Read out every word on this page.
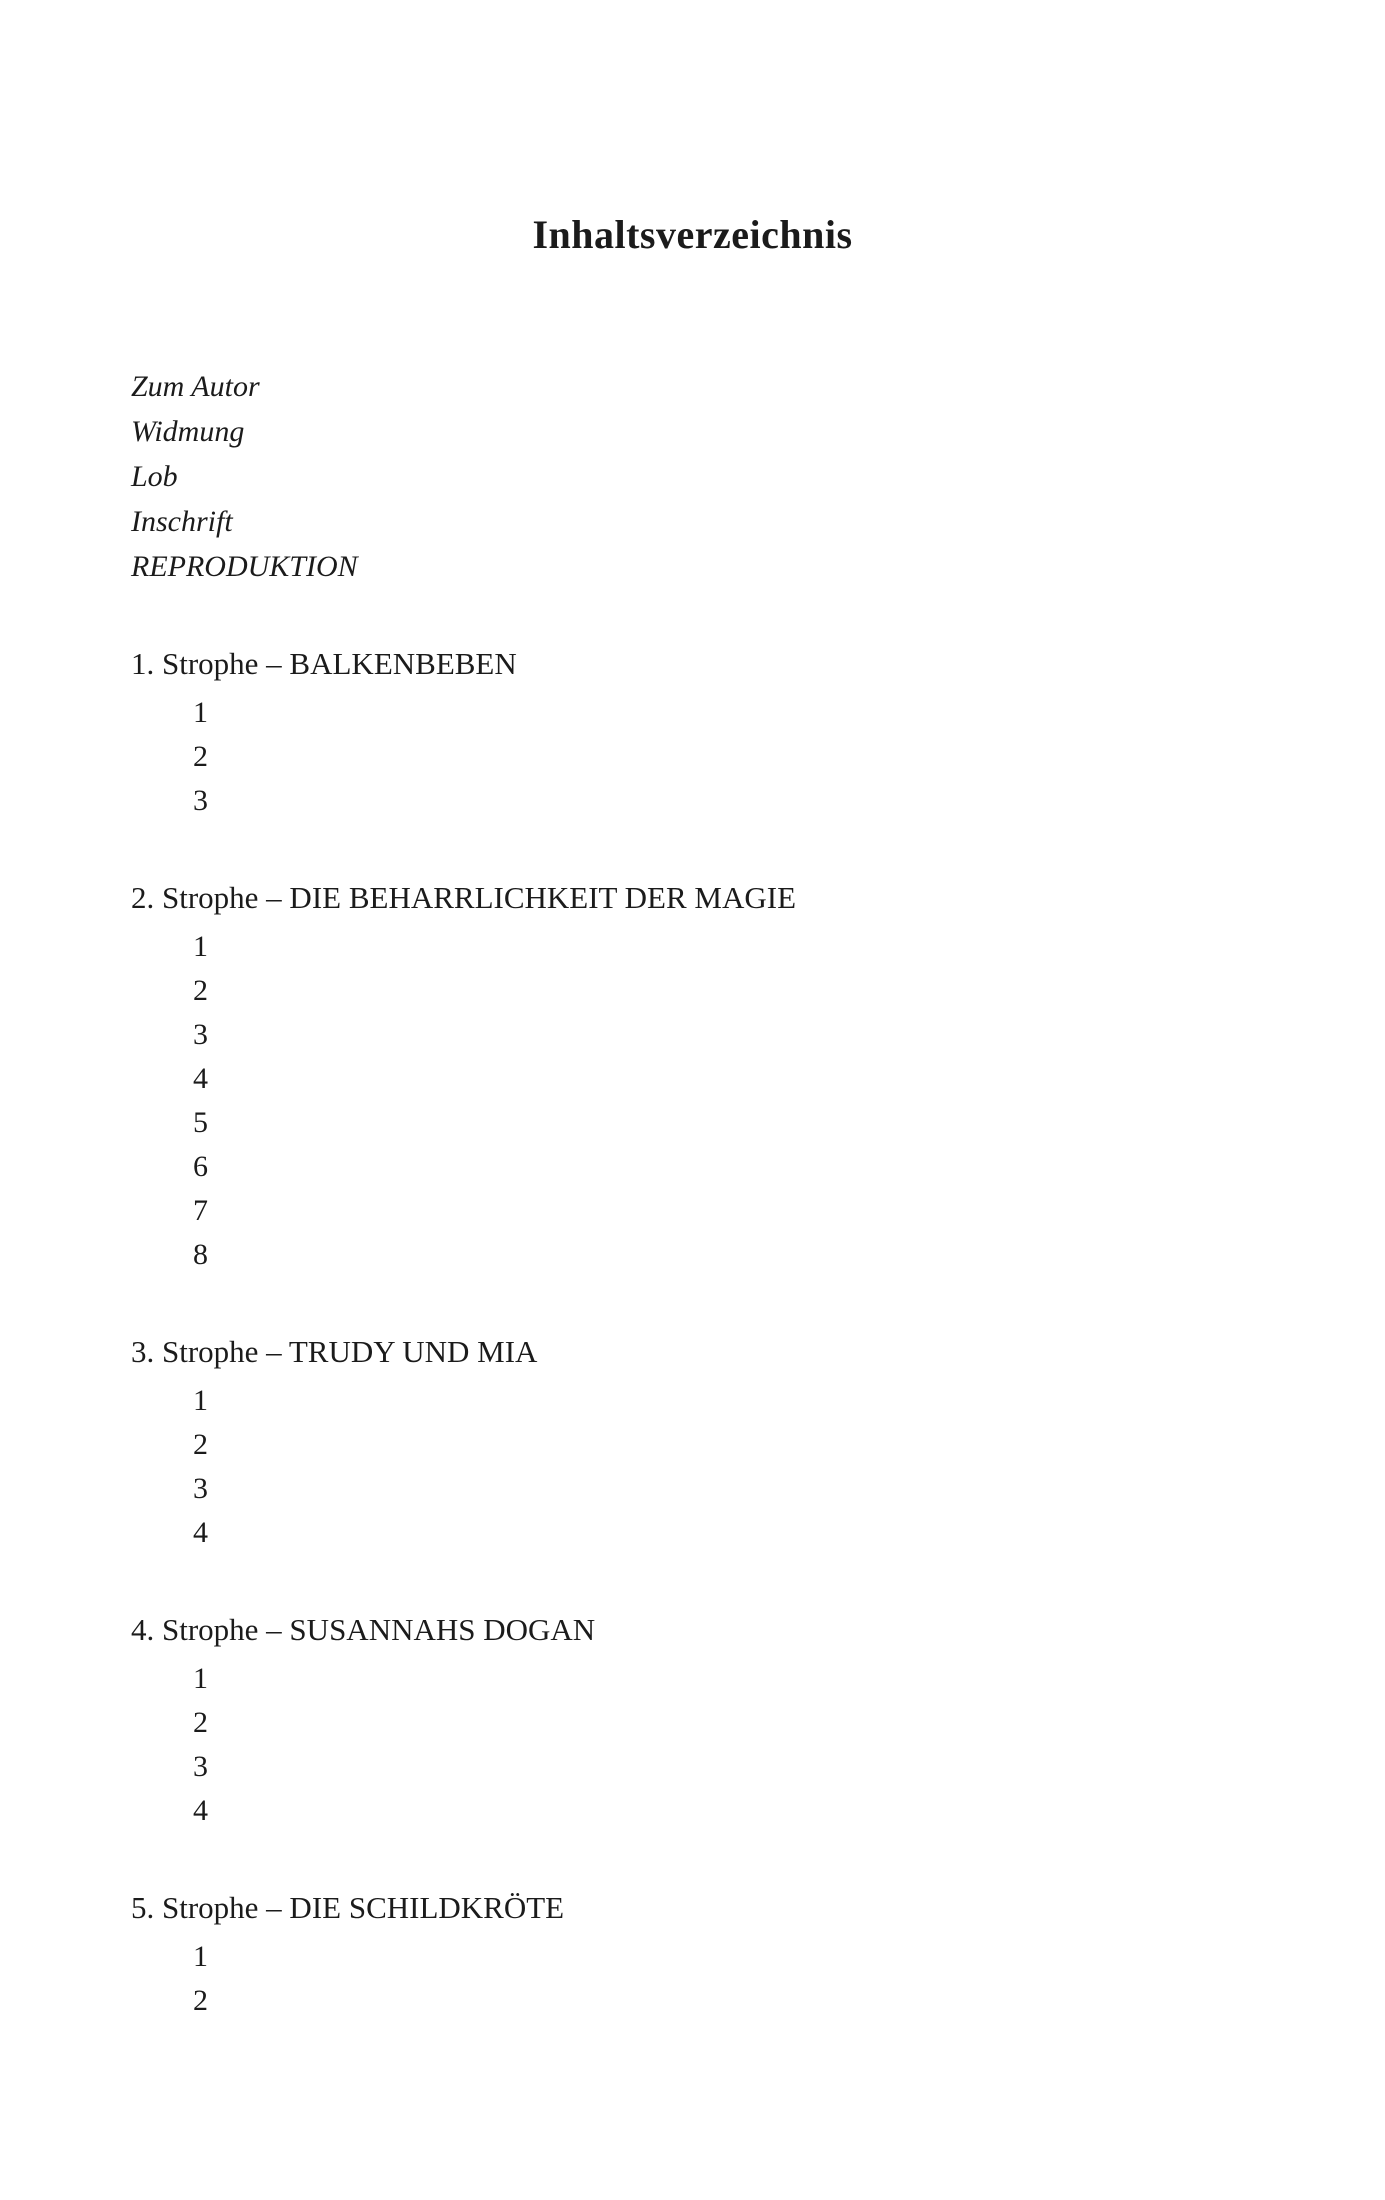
Inhaltsverzeichnis
Zum Autor
Widmung
Lob
Inschrift
REPRODUKTION

1. Strophe – BALKENBEBEN

1
2
3

2. Strophe – DIE BEHARRLICHKEIT DER MAGIE

1
2
3
4
5
6
7
8

3. Strophe – TRUDY UND MIA

1
2
3
4

4. Strophe – SUSANNAHS DOGAN

1
2
3
4

5. Strophe – DIE SCHILDKRÖTE

1
2
